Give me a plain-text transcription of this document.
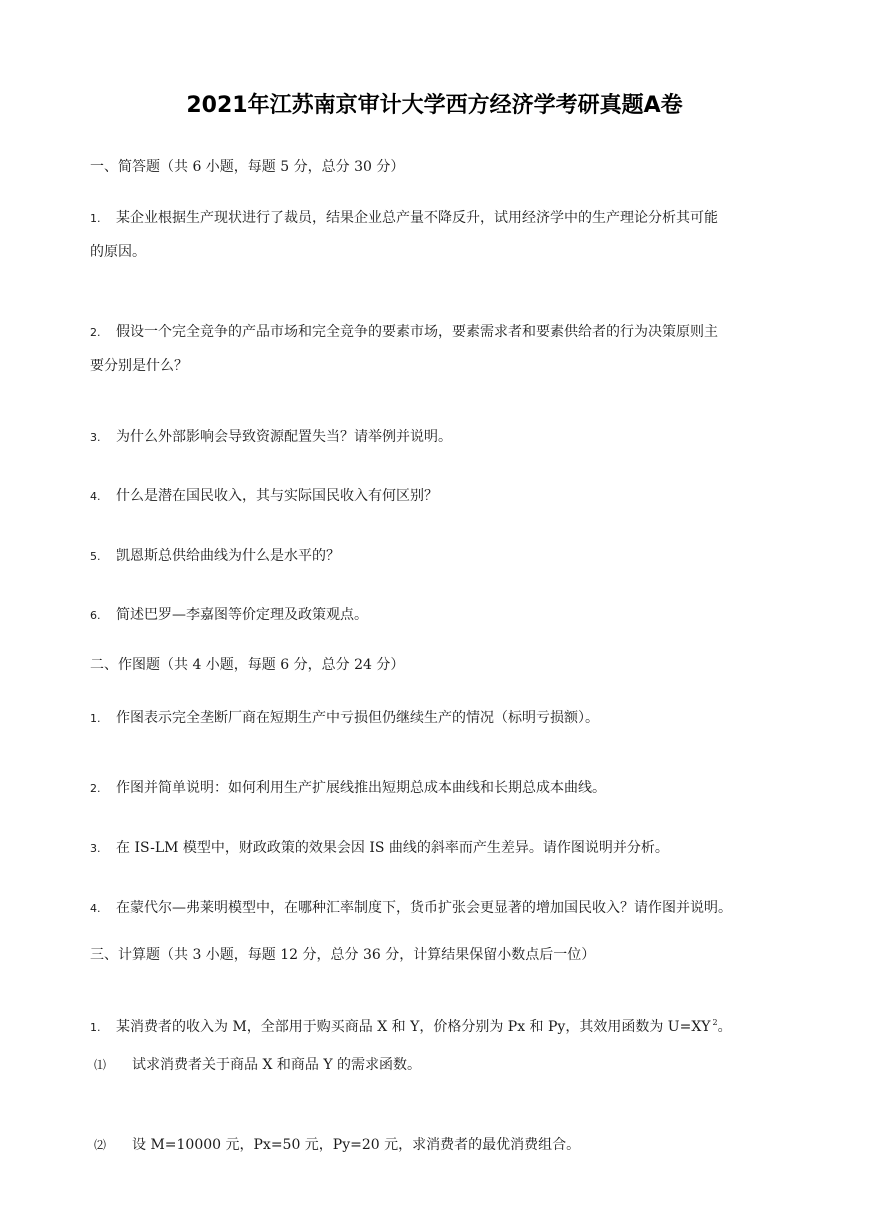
2021年江苏南京审计大学西方经济学考研真题A卷
一、简答题（共 6 小题，每题 5 分，总分 30 分）
1. 某企业根据生产现状进行了裁员，结果企业总产量不降反升，试用经济学中的生产理论分析其可能
的原因。
2. 假设一个完全竞争的产品市场和完全竞争的要素市场，要素需求者和要素供给者的行为决策原则主
要分别是什么？
3. 为什么外部影响会导致资源配置失当？请举例并说明。
4. 什么是潜在国民收入，其与实际国民收入有何区别？
5. 凯恩斯总供给曲线为什么是水平的？
6. 简述巴罗—李嘉图等价定理及政策观点。
二、作图题（共 4 小题，每题 6 分，总分 24 分）
1. 作图表示完全垄断厂商在短期生产中亏损但仍继续生产的情况（标明亏损额）。
2. 作图并简单说明：如何利用生产扩展线推出短期总成本曲线和长期总成本曲线。
3. 在 IS-LM 模型中，财政政策的效果会因 IS 曲线的斜率而产生差异。请作图说明并分析。
4. 在蒙代尔—弗莱明模型中，在哪种汇率制度下，货币扩张会更显著的增加国民收入？请作图并说明。
三、计算题（共 3 小题，每题 12 分，总分 36 分，计算结果保留小数点后一位）
1. 某消费者的收入为 M，全部用于购买商品 X 和 Y，价格分别为 Px 和 Py，其效用函数为 U=XY $^2$。
⑴ 试求消费者关于商品 X 和商品 Y 的需求函数。
⑵ 设 M=10000 元，Px=50 元，Py=20 元，求消费者的最优消费组合。
